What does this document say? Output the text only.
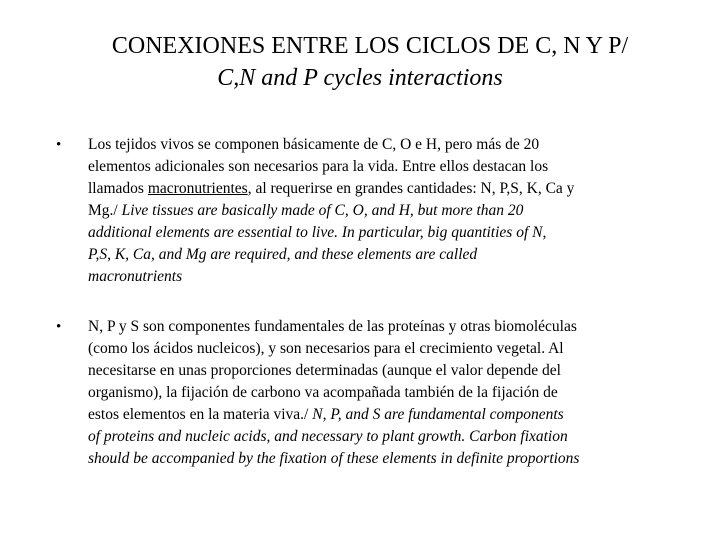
CONEXIONES ENTRE LOS CICLOS DE C, N Y P/
C,N and P cycles interactions
• Los tejidos vivos se componen básicamente de C, O e H, pero más de 20
elementos adicionales son necesarios para la vida. Entre ellos destacan los
llamados macronutrientes, al requerirse en grandes cantidades: N, P,S, K, Ca y
Mg./ Live tissues are basically made of C, O, and H, but more than 20
additional elements are essential to live. In particular, big quantities of N,
P,S, K, Ca, and Mg are required, and these elements are called
macronutrients
• N, P y S son componentes fundamentales de las proteínas y otras biomoléculas
(como los ácidos nucleicos), y son necesarios para el crecimiento vegetal. Al
necesitarse en unas proporciones determinadas (aunque el valor depende del
organismo), la fijación de carbono va acompañada también de la fijación de
estos elementos en la materia viva./ N, P, and S are fundamental components
of proteins and nucleic acids, and necessary to plant growth. Carbon fixation
should be accompanied by the fixation of these elements in definite proportions
